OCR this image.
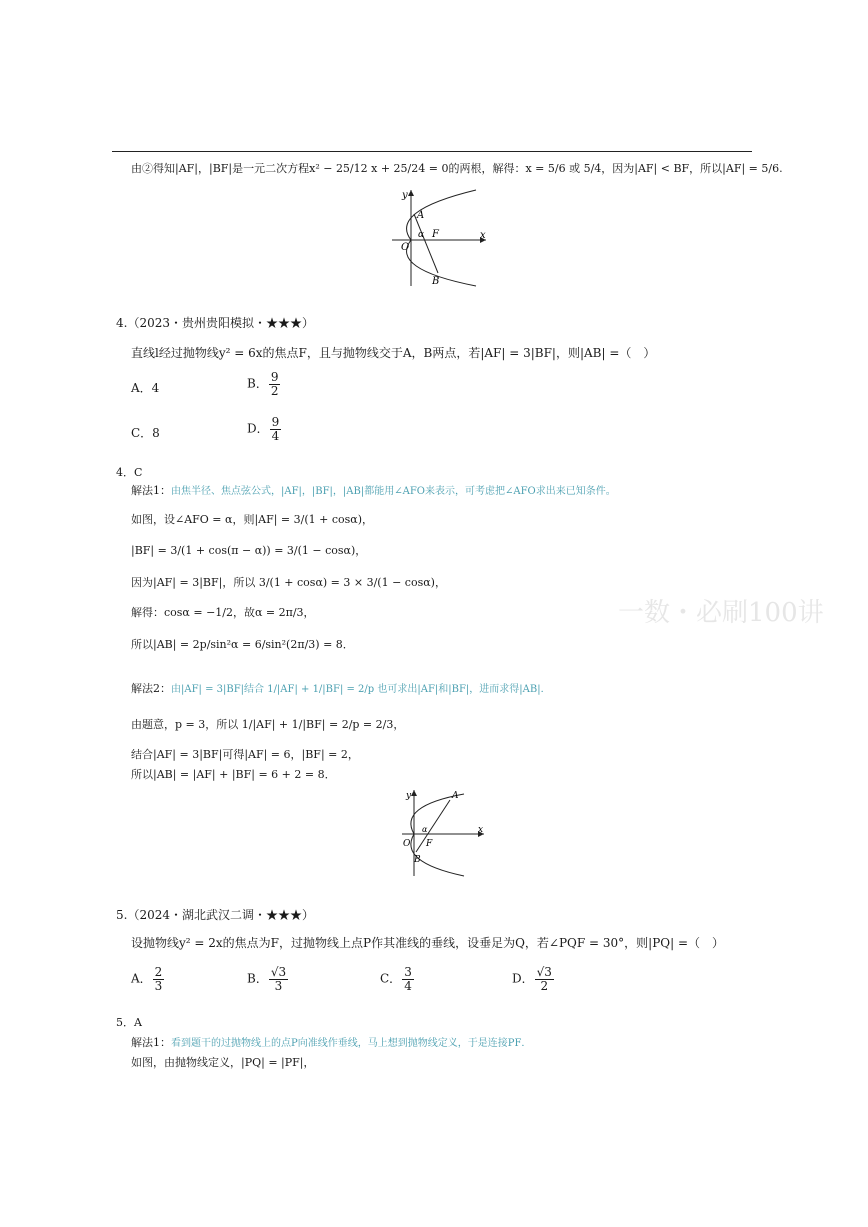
由②得知|AF|，|BF|是一元二次方程x² − 25/12 x + 25/24 = 0的两根，解得：x = 5/6 或 5/4，因为|AF| < BF，所以|AF| = 5/6.
y
x
O
A
B
F
α
4.（2023・贵州贵阳模拟・★★★）
直线l经过抛物线y² = 6x的焦点F，且与抛物线交于A，B两点，若|AF| = 3|BF|，则|AB| =（　）
A．4	B． $\frac{9}{2}$
C．8	D． $\frac{9}{4}$
4．C
解法1：由焦半径、焦点弦公式，|AF|，|BF|，|AB|都能用∠AFO来表示，可考虑把∠AFO求出来已知条件。
如图，设∠AFO = α，则|AF| = 3/(1 + cosα)，
|BF| = 3/(1 + cos(π − α)) = 3/(1 − cosα)，
因为|AF| = 3|BF|，所以 3/(1 + cosα) = 3 × 3/(1 − cosα)，
解得：cosα = −1/2，故α = 2π/3，
所以|AB| = 2p/sin²α = 6/sin²(2π/3) = 8．
一数・必刷100讲
解法2：由|AF| = 3|BF|结合 1/|AF| + 1/|BF| = 2/p 也可求出|AF|和|BF|，进而求得|AB|．
由题意，p = 3，所以 1/|AF| + 1/|BF| = 2/p = 2/3，
结合|AF| = 3|BF|可得|AF| = 6，|BF| = 2，
所以|AB| = |AF| + |BF| = 6 + 2 = 8．
y
x
O
A
B
F
α
5.（2024・湖北武汉二调・★★★）
设抛物线y² = 2x的焦点为F，过抛物线上点P作其准线的垂线，设垂足为Q，若∠PQF = 30°，则|PQ| =（　）
A． $\frac{2}{3}$	B． $\frac{√3}{3}$	C． $\frac{3}{4}$	D． $\frac{√3}{2}$
5．A
解法1：看到题干的过抛物线上的点P向准线作垂线，马上想到抛物线定义，于是连接PF．
如图，由抛物线定义，|PQ| = |PF|，
